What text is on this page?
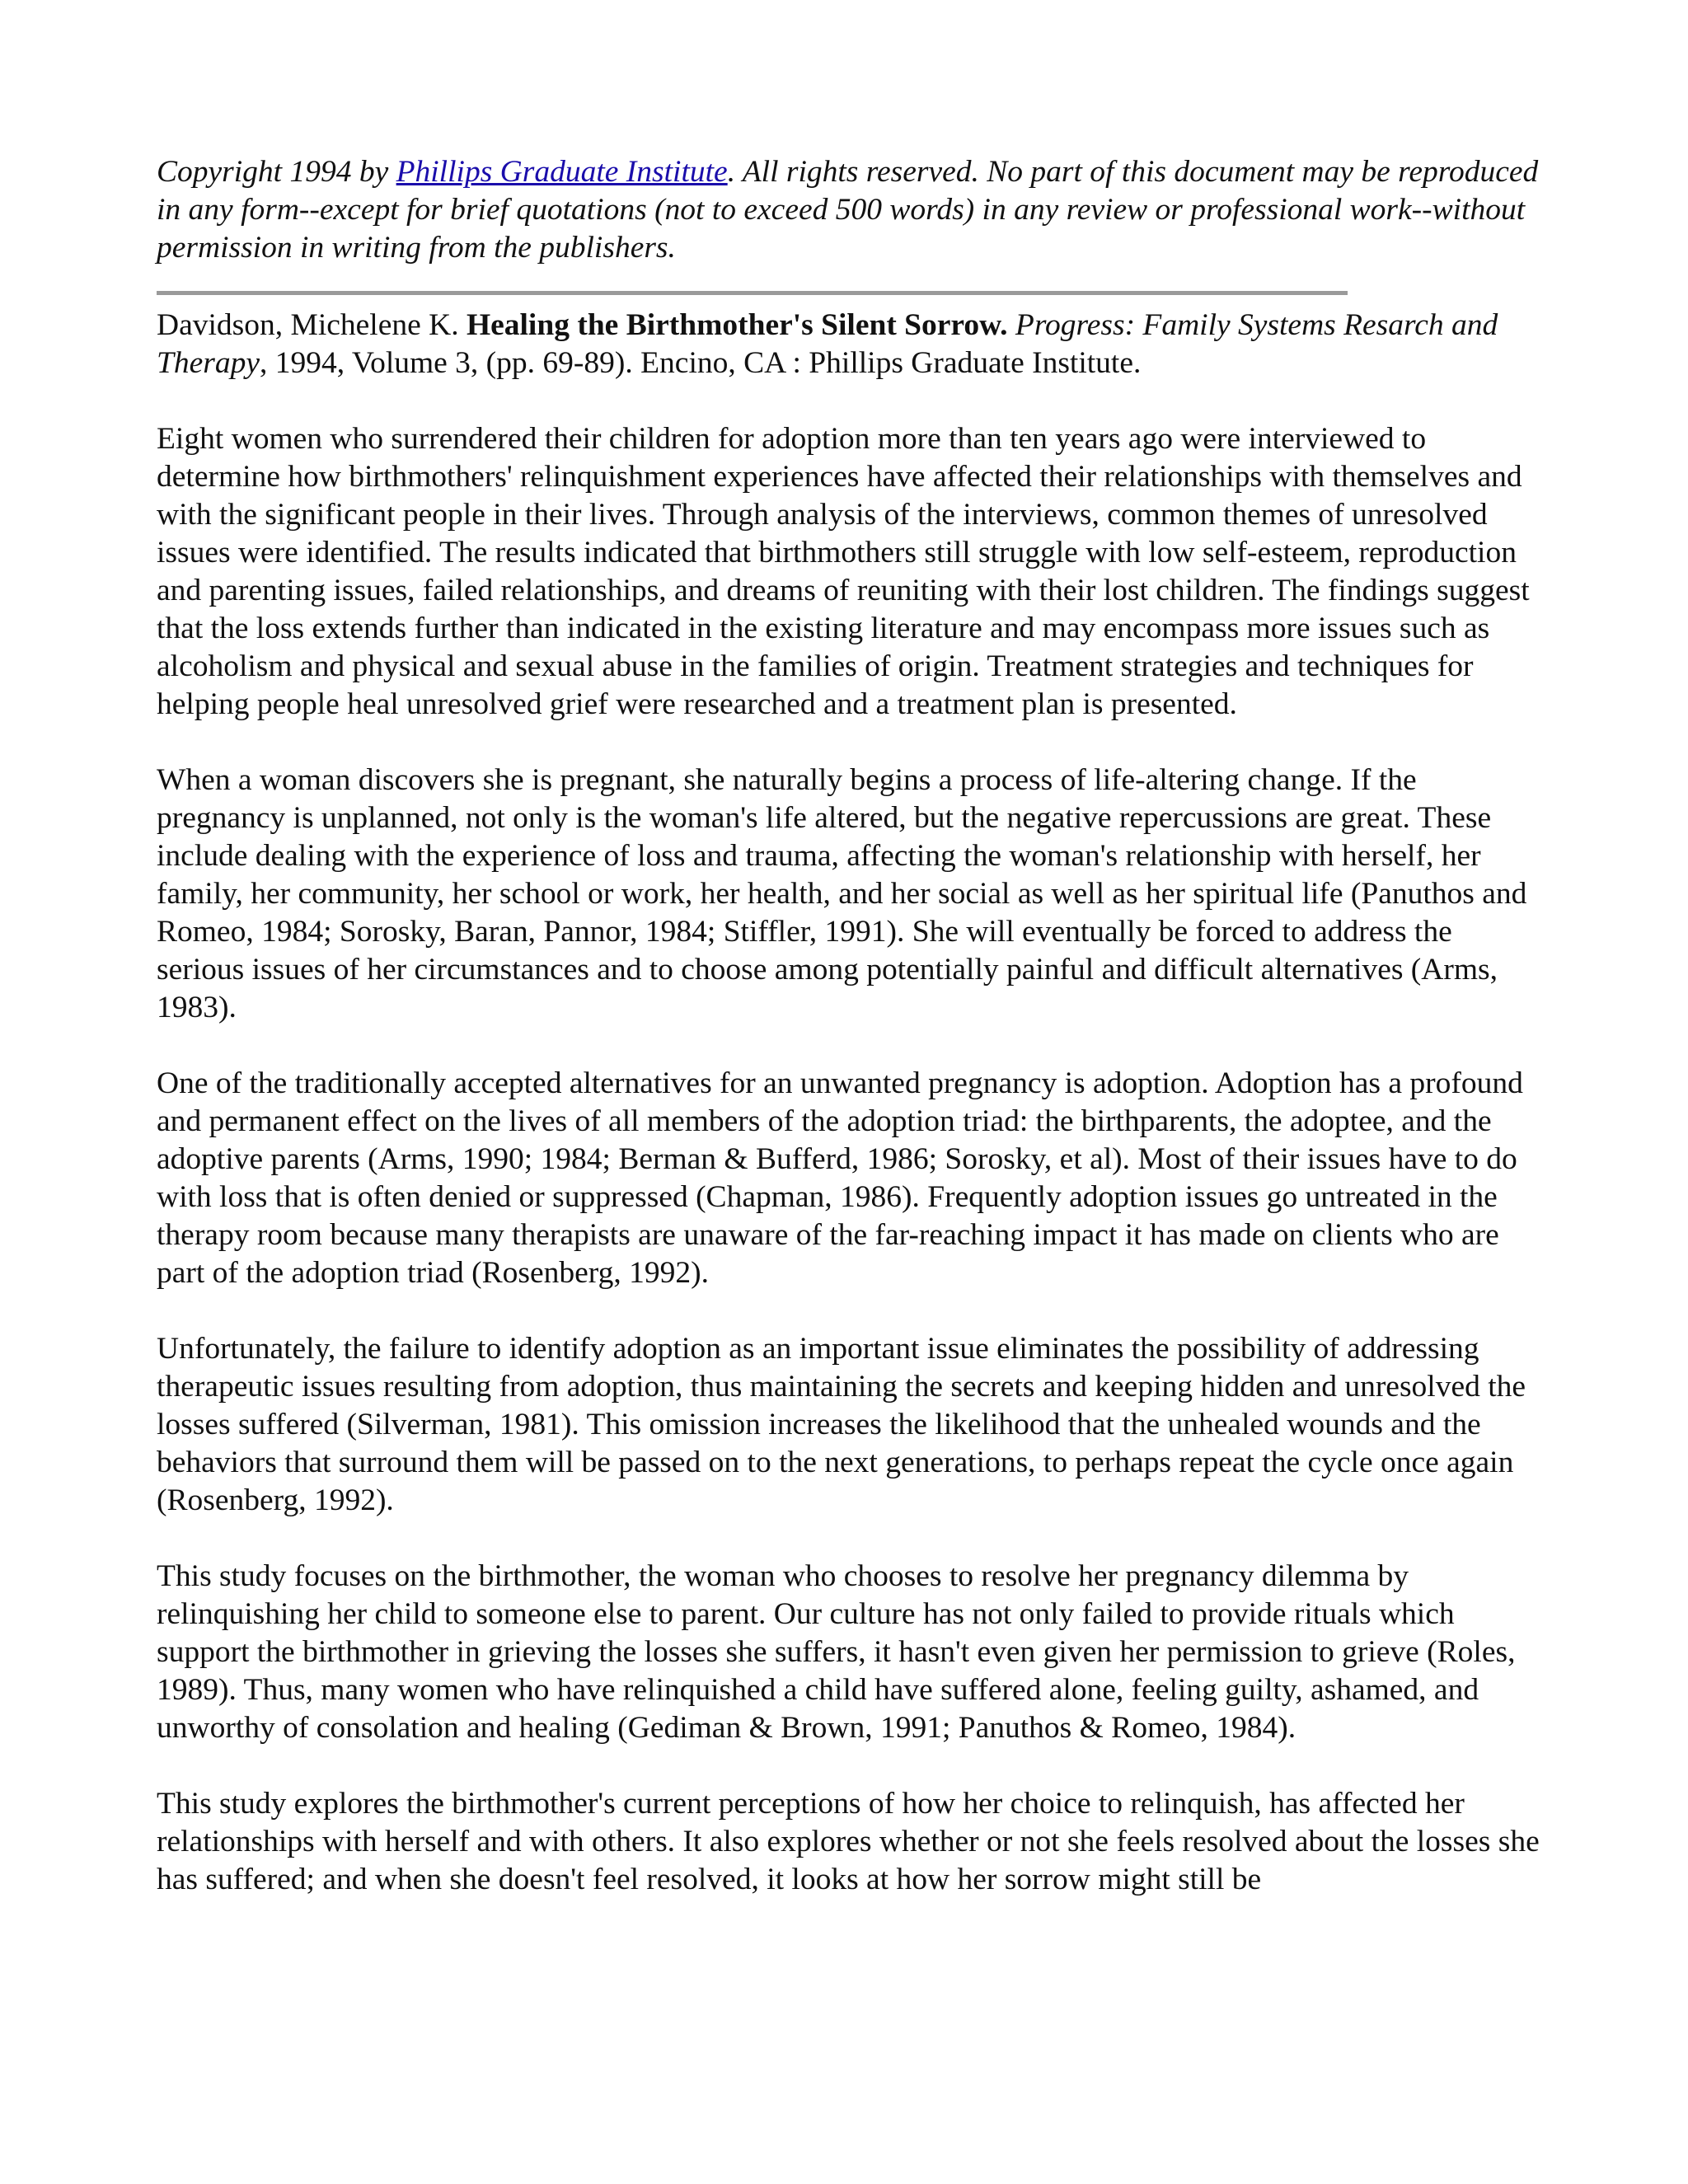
Copyright 1994 by Phillips Graduate Institute. All rights reserved. No part of this document may be reproduced in any form--except for brief quotations (not to exceed 500 words) in any review or professional work--without permission in writing from the publishers.

Davidson, Michelene K. Healing the Birthmother's Silent Sorrow. Progress: Family Systems Resarch and Therapy, 1994, Volume 3, (pp. 69-89). Encino, CA : Phillips Graduate Institute.

Eight women who surrendered their children for adoption more than ten years ago were interviewed to determine how birthmothers' relinquishment experiences have affected their relationships with themselves and with the significant people in their lives. Through analysis of the interviews, common themes of unresolved issues were identified. The results indicated that birthmothers still struggle with low self-esteem, reproduction and parenting issues, failed relationships, and dreams of reuniting with their lost children. The findings suggest that the loss extends further than indicated in the existing literature and may encompass more issues such as alcoholism and physical and sexual abuse in the families of origin. Treatment strategies and techniques for helping people heal unresolved grief were researched and a treatment plan is presented.

When a woman discovers she is pregnant, she naturally begins a process of life-altering change. If the pregnancy is unplanned, not only is the woman's life altered, but the negative repercussions are great. These include dealing with the experience of loss and trauma, affecting the woman's relationship with herself, her family, her community, her school or work, her health, and her social as well as her spiritual life (Panuthos and Romeo, 1984; Sorosky, Baran, Pannor, 1984; Stiffler, 1991). She will eventually be forced to address the serious issues of her circumstances and to choose among potentially painful and difficult alternatives (Arms, 1983).

One of the traditionally accepted alternatives for an unwanted pregnancy is adoption. Adoption has a profound and permanent effect on the lives of all members of the adoption triad: the birthparents, the adoptee, and the adoptive parents (Arms, 1990; 1984; Berman & Bufferd, 1986; Sorosky, et al). Most of their issues have to do with loss that is often denied or suppressed (Chapman, 1986). Frequently adoption issues go untreated in the therapy room because many therapists are unaware of the far-reaching impact it has made on clients who are part of the adoption triad (Rosenberg, 1992).

Unfortunately, the failure to identify adoption as an important issue eliminates the possibility of addressing therapeutic issues resulting from adoption, thus maintaining the secrets and keeping hidden and unresolved the losses suffered (Silverman, 1981). This omission increases the likelihood that the unhealed wounds and the behaviors that surround them will be passed on to the next generations, to perhaps repeat the cycle once again (Rosenberg, 1992).

This study focuses on the birthmother, the woman who chooses to resolve her pregnancy dilemma by relinquishing her child to someone else to parent. Our culture has not only failed to provide rituals which support the birthmother in grieving the losses she suffers, it hasn't even given her permission to grieve (Roles, 1989). Thus, many women who have relinquished a child have suffered alone, feeling guilty, ashamed, and unworthy of consolation and healing (Gediman & Brown, 1991; Panuthos & Romeo, 1984).

This study explores the birthmother's current perceptions of how her choice to relinquish, has affected her relationships with herself and with others. It also explores whether or not she feels resolved about the losses she has suffered; and when she doesn't feel resolved, it looks at how her sorrow might still be
